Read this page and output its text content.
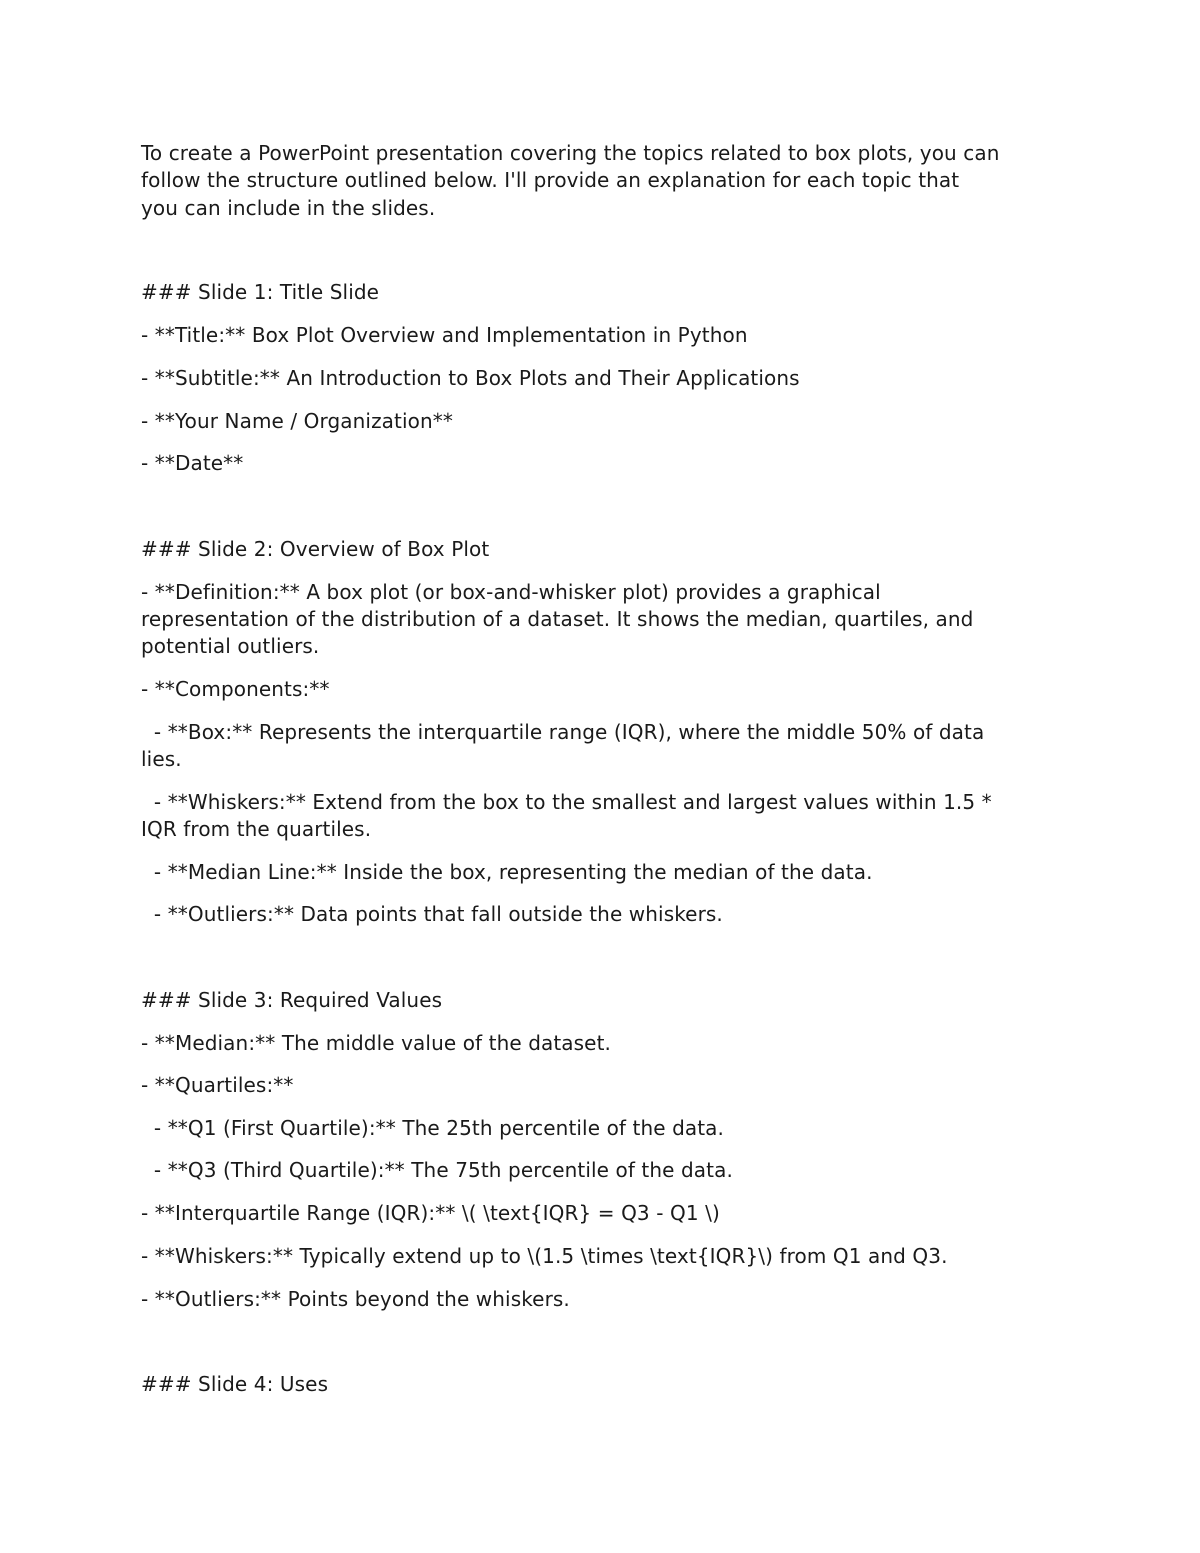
To create a PowerPoint presentation covering the topics related to box plots, you can
follow the structure outlined below. I'll provide an explanation for each topic that
you can include in the slides.
### Slide 1: Title Slide
- **Title:** Box Plot Overview and Implementation in Python
- **Subtitle:** An Introduction to Box Plots and Their Applications
- **Your Name / Organization**
- **Date**
### Slide 2: Overview of Box Plot
- **Definition:** A box plot (or box-and-whisker plot) provides a graphical
representation of the distribution of a dataset. It shows the median, quartiles, and
potential outliers.
- **Components:**
- **Box:** Represents the interquartile range (IQR), where the middle 50% of data
lies.
- **Whiskers:** Extend from the box to the smallest and largest values within 1.5 *
IQR from the quartiles.
- **Median Line:** Inside the box, representing the median of the data.
- **Outliers:** Data points that fall outside the whiskers.
### Slide 3: Required Values
- **Median:** The middle value of the dataset.
- **Quartiles:**
- **Q1 (First Quartile):** The 25th percentile of the data.
- **Q3 (Third Quartile):** The 75th percentile of the data.
- **Interquartile Range (IQR):** \( \text{IQR} = Q3 - Q1 \)
- **Whiskers:** Typically extend up to \(1.5 \times \text{IQR}\) from Q1 and Q3.
- **Outliers:** Points beyond the whiskers.
### Slide 4: Uses
